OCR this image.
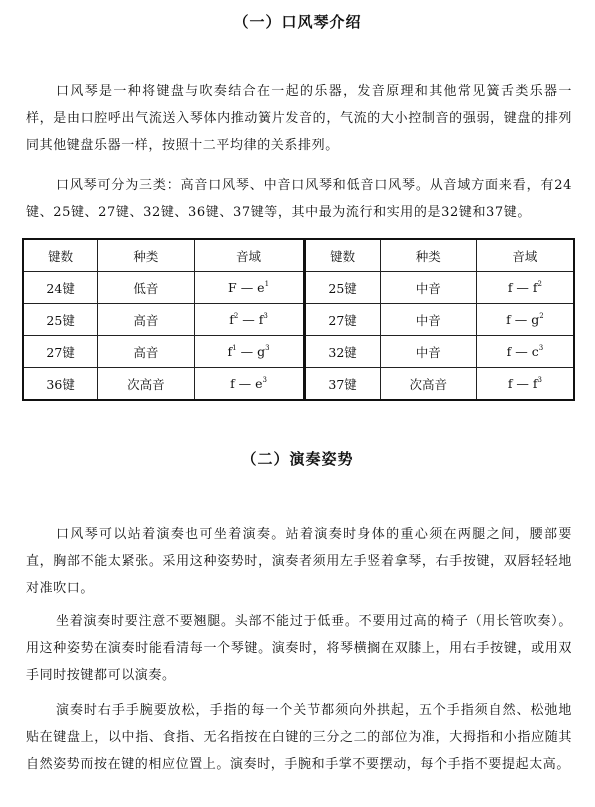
（一）口风琴介绍

口风琴是一种将键盘与吹奏结合在一起的乐器，发音原理和其他常见簧舌类乐器一样，是由口腔呼出气流送入琴体内推动簧片发音的，气流的大小控制音的强弱，键盘的排列同其他键盘乐器一样，按照十二平均律的关系排列。

口风琴可分为三类：高音口风琴、中音口风琴和低音口风琴。从音域方面来看，有24键、25键、27键、32键、36键、37键等，其中最为流行和实用的是32键和37键。

键数	种类	音域	键数	种类	音域
24键	低音	F — $e^1$	25键	中音	f — $f^2$
25键	高音	$f^2$ — $f^3$	27键	中音	f — $g^2$
27键	高音	$f^1$ — $g^3$	32键	中音	f — $c^3$
36键	次高音	f — $e^3$	37键	次高音	f — $f^3$
（二）演奏姿势

口风琴可以站着演奏也可坐着演奏。站着演奏时身体的重心须在两腿之间，腰部要直，胸部不能太紧张。采用这种姿势时，演奏者须用左手竖着拿琴，右手按键，双唇轻轻地对准吹口。

坐着演奏时要注意不要翘腿。头部不能过于低垂。不要用过高的椅子（用长管吹奏）。用这种姿势在演奏时能看清每一个琴键。演奏时，将琴横搁在双膝上，用右手按键，或用双手同时按键都可以演奏。

演奏时右手手腕要放松，手指的每一个关节都须向外拱起，五个手指须自然、松弛地贴在键盘上，以中指、食指、无名指按在白键的三分之二的部位为准，大拇指和小指应随其自然姿势而按在键的相应位置上。演奏时，手腕和手掌不要摆动，每个手指不要提起太高。
